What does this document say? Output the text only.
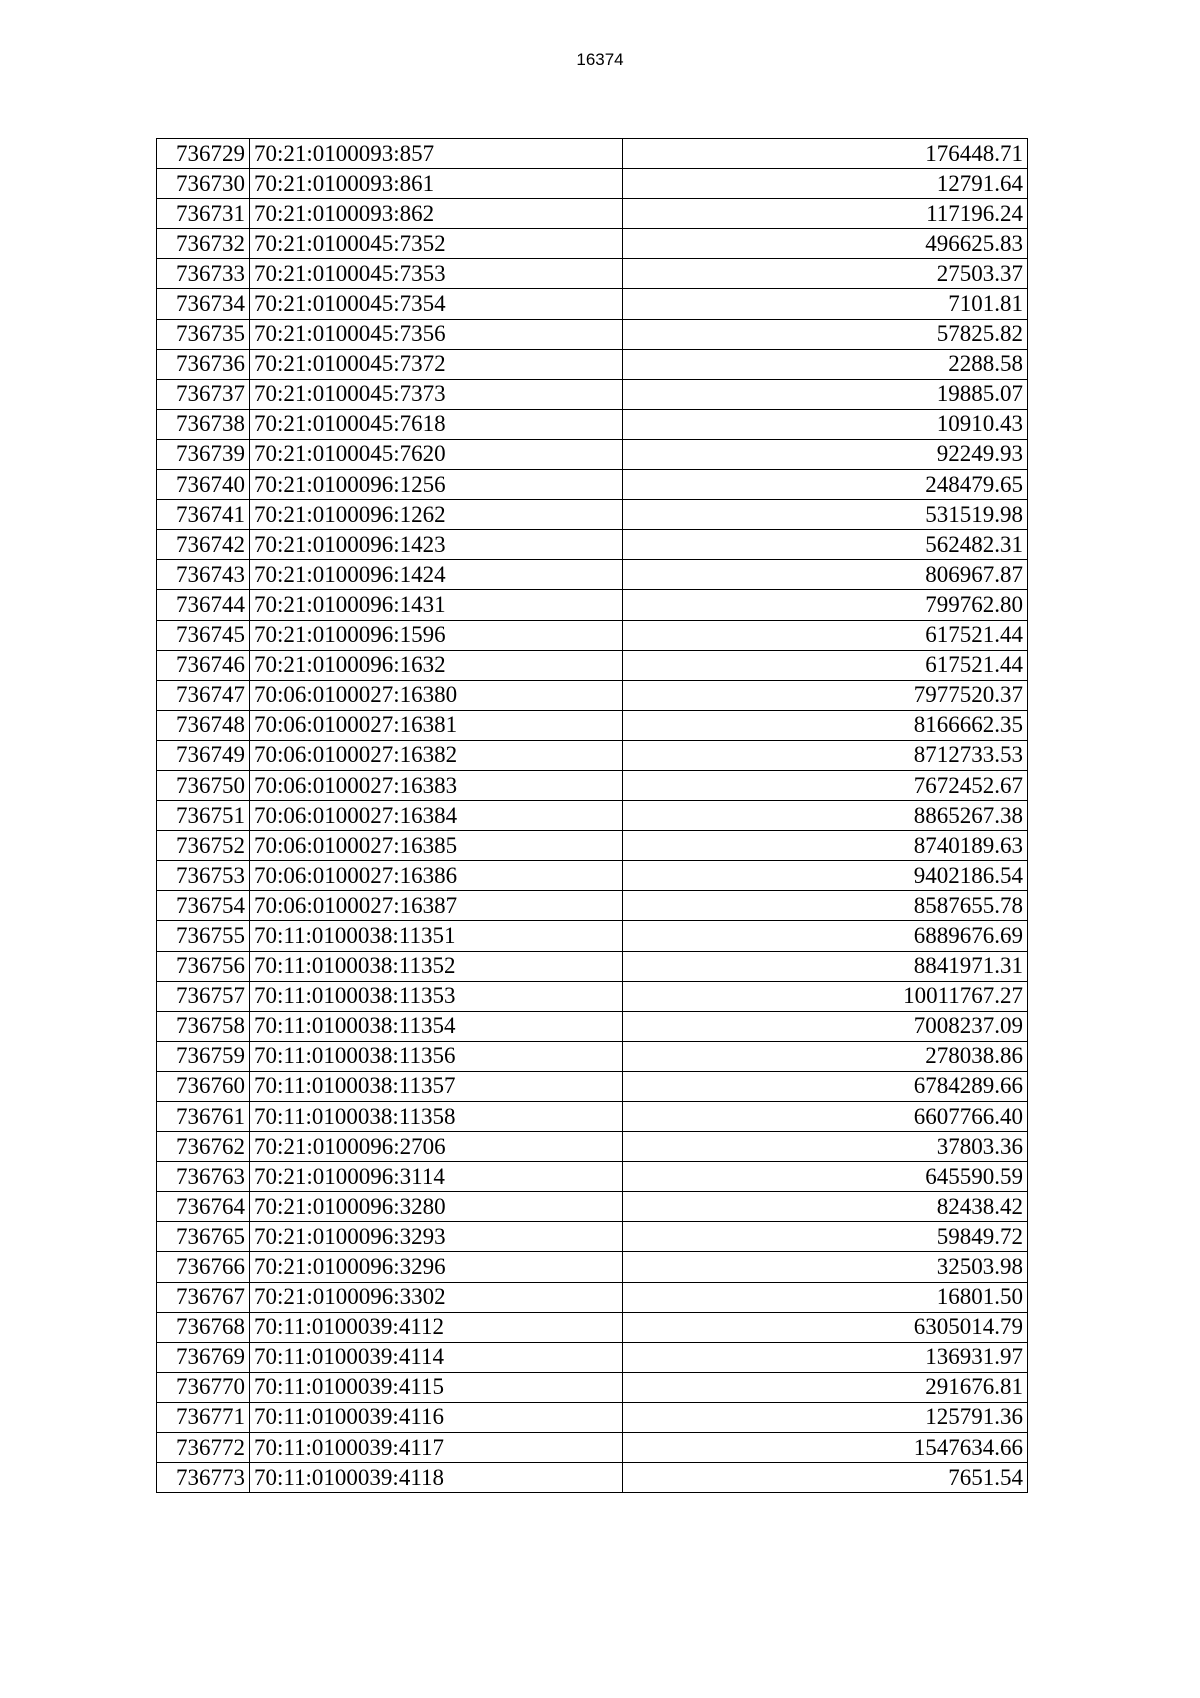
16374
736729	70:21:0100093:857	176448.71
736730	70:21:0100093:861	12791.64
736731	70:21:0100093:862	117196.24
736732	70:21:0100045:7352	496625.83
736733	70:21:0100045:7353	27503.37
736734	70:21:0100045:7354	7101.81
736735	70:21:0100045:7356	57825.82
736736	70:21:0100045:7372	2288.58
736737	70:21:0100045:7373	19885.07
736738	70:21:0100045:7618	10910.43
736739	70:21:0100045:7620	92249.93
736740	70:21:0100096:1256	248479.65
736741	70:21:0100096:1262	531519.98
736742	70:21:0100096:1423	562482.31
736743	70:21:0100096:1424	806967.87
736744	70:21:0100096:1431	799762.80
736745	70:21:0100096:1596	617521.44
736746	70:21:0100096:1632	617521.44
736747	70:06:0100027:16380	7977520.37
736748	70:06:0100027:16381	8166662.35
736749	70:06:0100027:16382	8712733.53
736750	70:06:0100027:16383	7672452.67
736751	70:06:0100027:16384	8865267.38
736752	70:06:0100027:16385	8740189.63
736753	70:06:0100027:16386	9402186.54
736754	70:06:0100027:16387	8587655.78
736755	70:11:0100038:11351	6889676.69
736756	70:11:0100038:11352	8841971.31
736757	70:11:0100038:11353	10011767.27
736758	70:11:0100038:11354	7008237.09
736759	70:11:0100038:11356	278038.86
736760	70:11:0100038:11357	6784289.66
736761	70:11:0100038:11358	6607766.40
736762	70:21:0100096:2706	37803.36
736763	70:21:0100096:3114	645590.59
736764	70:21:0100096:3280	82438.42
736765	70:21:0100096:3293	59849.72
736766	70:21:0100096:3296	32503.98
736767	70:21:0100096:3302	16801.50
736768	70:11:0100039:4112	6305014.79
736769	70:11:0100039:4114	136931.97
736770	70:11:0100039:4115	291676.81
736771	70:11:0100039:4116	125791.36
736772	70:11:0100039:4117	1547634.66
736773	70:11:0100039:4118	7651.54
